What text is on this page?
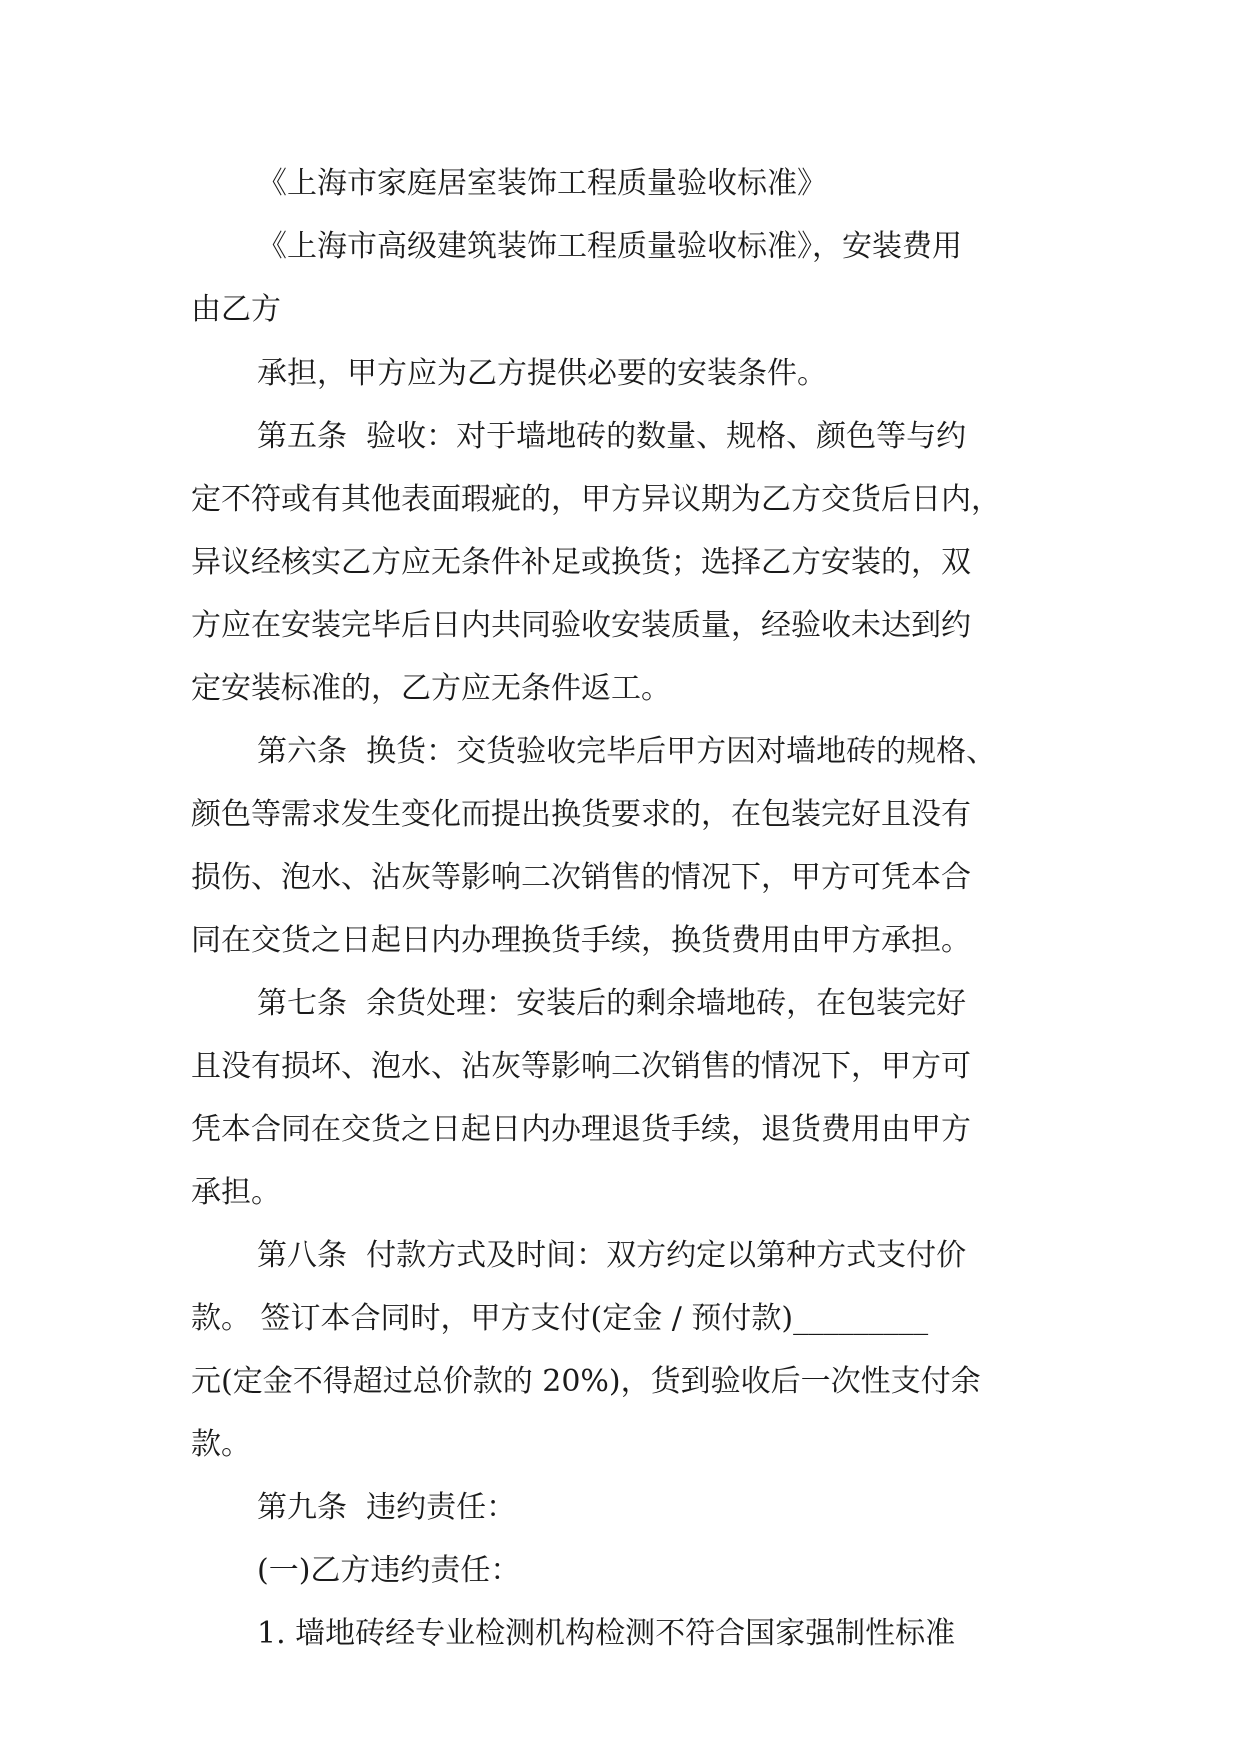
《上海市家庭居室装饰工程质量验收标准》
《上海市高级建筑装饰工程质量验收标准》，安装费用
由乙方
承担，甲方应为乙方提供必要的安装条件。
第五条  验收：对于墙地砖的数量、规格、颜色等与约
定不符或有其他表面瑕疵的，甲方异议期为乙方交货后日内，
异议经核实乙方应无条件补足或换货；选择乙方安装的，双
方应在安装完毕后日内共同验收安装质量，经验收未达到约
定安装标准的，乙方应无条件返工。
第六条  换货：交货验收完毕后甲方因对墙地砖的规格、
颜色等需求发生变化而提出换货要求的，在包装完好且没有
损伤、泡水、沾灰等影响二次销售的情况下，甲方可凭本合
同在交货之日起日内办理换货手续，换货费用由甲方承担。
第七条  余货处理：安装后的剩余墙地砖，在包装完好
且没有损坏、泡水、沾灰等影响二次销售的情况下，甲方可
凭本合同在交货之日起日内办理退货手续，退货费用由甲方
承担。
第八条  付款方式及时间：双方约定以第种方式支付价
款。 签订本合同时，甲方支付(定金 / 预付款)_________
元(定金不得超过总价款的 20%)，货到验收后一次性支付余
款。
第九条  违约责任：
(一)乙方违约责任：
1. 墙地砖经专业检测机构检测不符合国家强制性标准
